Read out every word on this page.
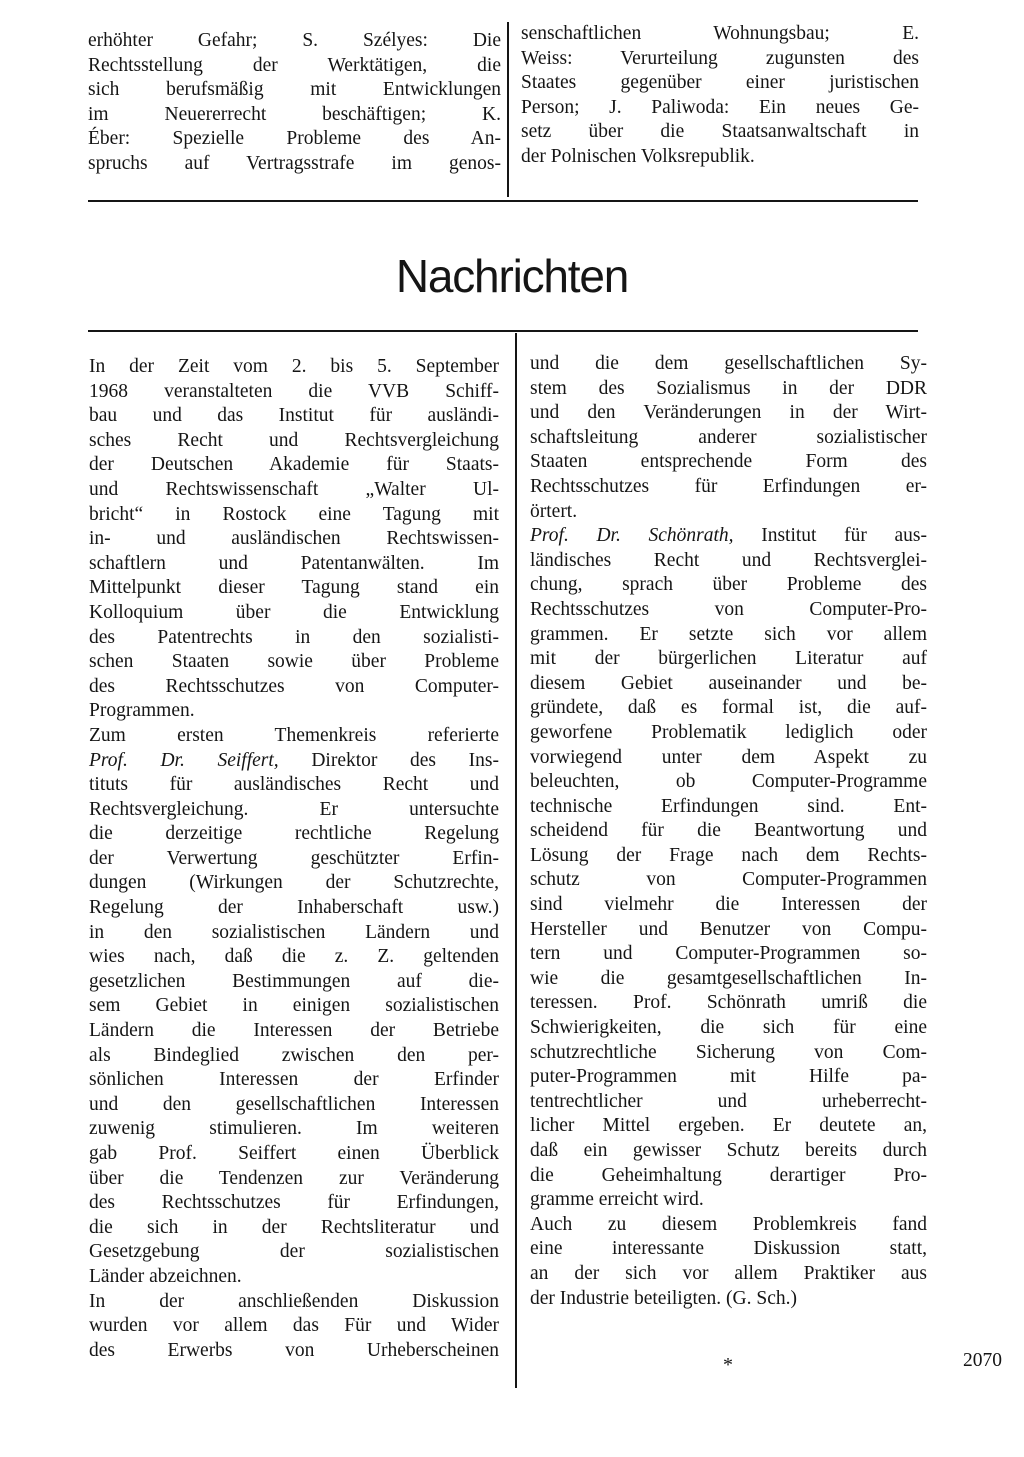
erhöhter Gefahr; S. Szélyes: Die
Rechtsstellung der Werktätigen, die
sich berufsmäßig mit Entwicklungen
im Neuererrecht beschäftigen; K.
Éber: Spezielle Probleme des An-
spruchs auf Vertragsstrafe im genos-
senschaftlichen Wohnungsbau; E.
Weiss: Verurteilung zugunsten des
Staates gegenüber einer juristischen
Person; J. Paliwoda: Ein neues Ge-
setz über die Staatsanwaltschaft in
der Polnischen Volksrepublik.
Nachrichten
In der Zeit vom 2. bis 5. September
1968 veranstalteten die VVB Schiff-
bau und das Institut für ausländi-
sches Recht und Rechtsvergleichung
der Deutschen Akademie für Staats-
und Rechtswissenschaft „Walter Ul-
bricht“ in Rostock eine Tagung mit
in- und ausländischen Rechtswissen-
schaftlern und Patentanwälten. Im
Mittelpunkt dieser Tagung stand ein
Kolloquium über die Entwicklung
des Patentrechts in den sozialisti-
schen Staaten sowie über Probleme
des Rechtsschutzes von Computer-
Programmen.
Zum ersten Themenkreis referierte
Prof. Dr. Seiffert, Direktor des Ins-
tituts für ausländisches Recht und
Rechtsvergleichung. Er untersuchte
die derzeitige rechtliche Regelung
der Verwertung geschützter Erfin-
dungen (Wirkungen der Schutzrechte,
Regelung der Inhaberschaft usw.)
in den sozialistischen Ländern und
wies nach, daß die z. Z. geltenden
gesetzlichen Bestimmungen auf die-
sem Gebiet in einigen sozialistischen
Ländern die Interessen der Betriebe
als Bindeglied zwischen den per-
sönlichen Interessen der Erfinder
und den gesellschaftlichen Interessen
zuwenig stimulieren. Im weiteren
gab Prof. Seiffert einen Überblick
über die Tendenzen zur Veränderung
des Rechtsschutzes für Erfindungen,
die sich in der Rechtsliteratur und
Gesetzgebung der sozialistischen
Länder abzeichnen.
In der anschließenden Diskussion
wurden vor allem das Für und Wider
des Erwerbs von Urheberscheinen
und die dem gesellschaftlichen Sy-
stem des Sozialismus in der DDR
und den Veränderungen in der Wirt-
schaftsleitung anderer sozialistischer
Staaten entsprechende Form des
Rechtsschutzes für Erfindungen er-
örtert.
Prof. Dr. Schönrath, Institut für aus-
ländisches Recht und Rechtsverglei-
chung, sprach über Probleme des
Rechtsschutzes von Computer-Pro-
grammen. Er setzte sich vor allem
mit der bürgerlichen Literatur auf
diesem Gebiet auseinander und be-
gründete, daß es formal ist, die auf-
geworfene Problematik lediglich oder
vorwiegend unter dem Aspekt zu
beleuchten, ob Computer-Programme
technische Erfindungen sind. Ent-
scheidend für die Beantwortung und
Lösung der Frage nach dem Rechts-
schutz von Computer-Programmen
sind vielmehr die Interessen der
Hersteller und Benutzer von Compu-
tern und Computer-Programmen so-
wie die gesamtgesellschaftlichen In-
teressen. Prof. Schönrath umriß die
Schwierigkeiten, die sich für eine
schutzrechtliche Sicherung von Com-
puter-Programmen mit Hilfe pa-
tentrechtlicher und urheberrecht-
licher Mittel ergeben. Er deutete an,
daß ein gewisser Schutz bereits durch
die Geheimhaltung derartiger Pro-
gramme erreicht wird.
Auch zu diesem Problemkreis fand
eine interessante Diskussion statt,
an der sich vor allem Praktiker aus
der Industrie beteiligten. (G. Sch.)
*	2070
